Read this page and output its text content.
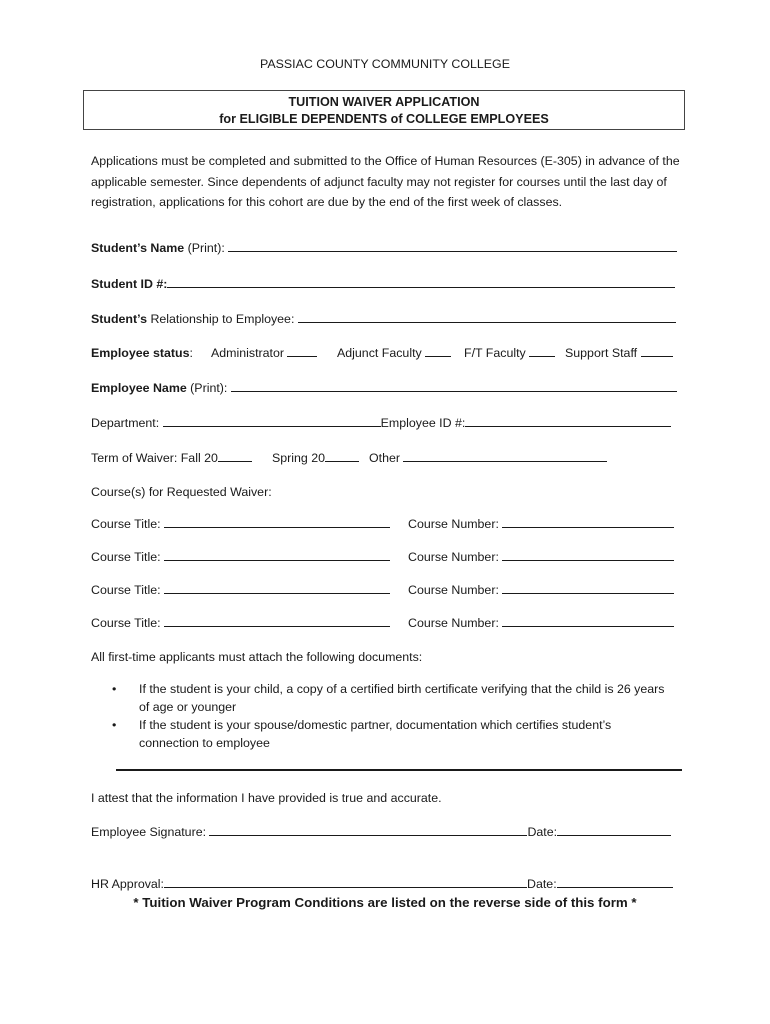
PASSIAC COUNTY COMMUNITY COLLEGE
TUITION WAIVER APPLICATION
for ELIGIBLE DEPENDENTS of COLLEGE EMPLOYEES
Applications must be completed and submitted to the Office of Human Resources (E-305) in advance of the applicable semester. Since dependents of adjunct faculty may not register for courses until the last day of registration, applications for this cohort are due by the end of the first week of classes.
Student’s Name (Print):
Student ID #:
Student’s Relationship to Employee:
Employee status: Administrator	Adjunct Faculty	F/T Faculty	Support Staff
Employee Name (Print):
Department:	Employee ID #:
Term of Waiver: Fall 20	Spring 20	Other
Course(s) for Requested Waiver:
Course Title:	Course Number:
Course Title:	Course Number:
Course Title:	Course Number:
Course Title:	Course Number:
All first-time applicants must attach the following documents:
• If the student is your child, a copy of a certified birth certificate verifying that the child is 26 years of age or younger
• If the student is your spouse/domestic partner, documentation which certifies student’s connection to employee
I attest that the information I have provided is true and accurate.
Employee Signature:	Date:
HR Approval:	Date:
* Tuition Waiver Program Conditions are listed on the reverse side of this form *
